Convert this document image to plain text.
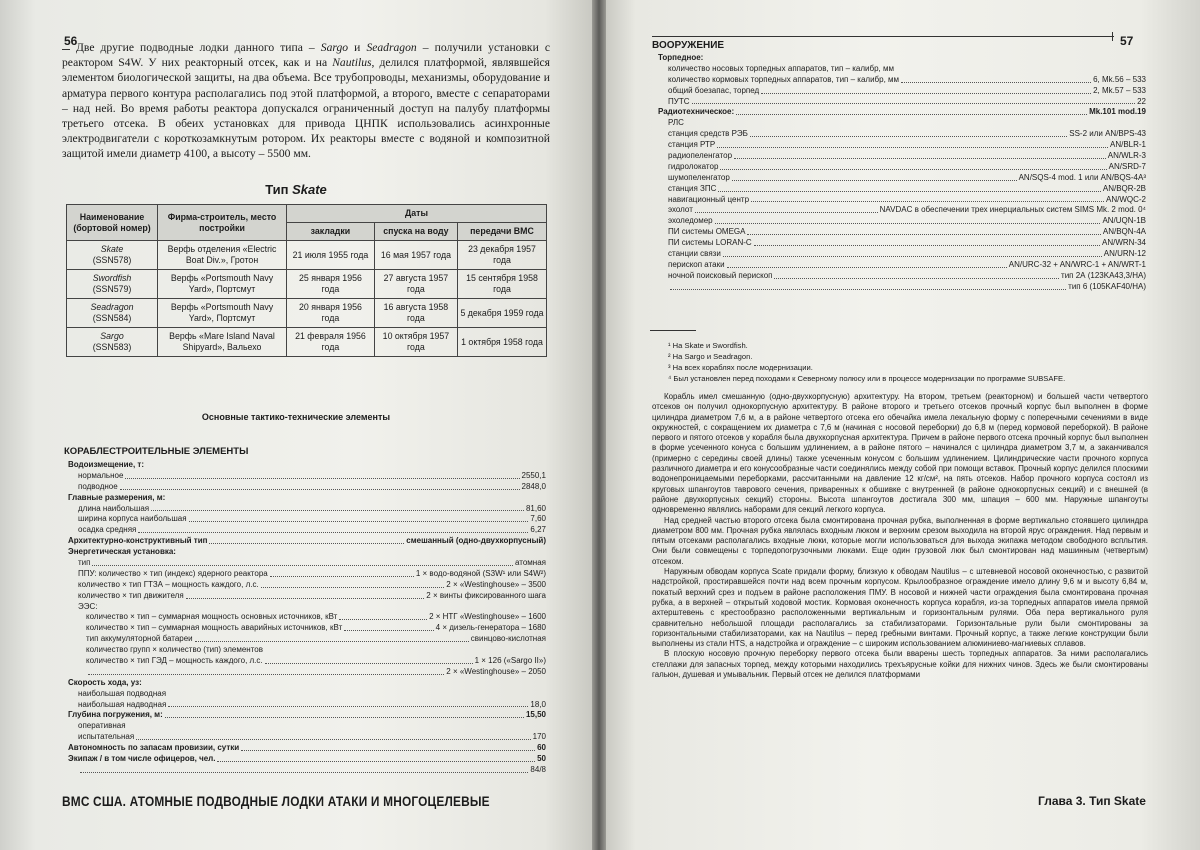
56

Две другие подводные лодки данного типа – Sargo и Seadragon – получили установки с реактором S4W. У них реакторный отсек, как и на Nautilus, делился платформой, являвшейся элементом биологической защиты, на два объема. Все трубопроводы, механизмы, оборудование и арматура первого контура располагались под этой платформой, а второго, вместе с сепараторами – над ней. Во время работы реактора допускался ограниченный доступ на палубу платформы третьего отсека. В обеих установках для привода ЦНПК использовались асинхронные электродвигатели с короткозамкнутым ротором. Их реакторы вместе с водяной и композитной защитой имели диаметр 4100, а высоту – 5500 мм.

Тип Skate
Наименование (бортовой номер)	Фирма-строитель, место постройки	Даты		
		закладки	спуска на воду	передачи ВМС
Skate
(SSN578)	Верфь отделения «Electric Boat Div.», Гротон	21 июля 1955 года	16 мая 1957 года	23 декабря 1957 года
Swordfish
(SSN579)	Верфь «Portsmouth Navy Yard», Портсмут	25 января 1956 года	27 августа 1957 года	15 сентября 1958 года
Seadragon
(SSN584)	Верфь «Portsmouth Navy Yard», Портсмут	20 января 1956 года	16 августа 1958 года	5 декабря 1959 года
Sargo
(SSN583)	Верфь «Mare Island Naval Shipyard», Вальехо	21 февраля 1956 года	10 октября 1957 года	1 октября 1958 года
Основные тактико-технические элементы
КОРАБЛЕСТРОИТЕЛЬНЫЕ ЭЛЕМЕНТЫ
Водоизмещение, т:
нормальное	2550,1
подводное	2848,0
Главные размерения, м:
длина наибольшая	81,60
ширина корпуса наибольшая	7,60
осадка средняя	6,27
Архитектурно-конструктивный тип	смешанный (одно-двухкорпусный)
Энергетическая установка:
тип	атомная
ППУ: количество × тип (индекс) ядерного реактора	1 × водо-водяной (S3W¹ или S4W²)
количество × тип ГТЗА – мощность каждого, л.с.	2 × «Westinghouse» – 3500
количество × тип движителя	2 × винты фиксированного шага
ЭЭС:
количество × тип – суммарная мощность основных источников, кВт	2 × НТГ «Westinghouse» – 1600
количество × тип – суммарная мощность аварийных источников, кВт	4 × дизель-генератора – 1680
тип аккумуляторной батареи	свинцово-кислотная
количество групп × количество (тип) элементов
количество × тип ГЭД – мощность каждого, л.с.	1 × 126 («Sargo II»)
2 × «Westinghouse» – 2050
Скорость хода, уз:
наибольшая подводная
наибольшая надводная	18,0
Глубина погружения, м:	15,50
оперативная
испытательная	170
Автономность по запасам провизии, сутки	60
Экипаж / в том числе офицеров, чел.	50
84/8
ВМС США. АТОМНЫЕ ПОДВОДНЫЕ ЛОДКИ АТАКИ И МНОГОЦЕЛЕВЫЕ
57
ВООРУЖЕНИЕ
Торпедное:
количество носовых торпедных аппаратов, тип – калибр, мм
количество кормовых торпедных аппаратов, тип – калибр, мм	6, Mk.56 – 533
общий боезапас, торпед	2, Mk.57 – 533
ПУТС	22
Радиотехническое:	Mk.101 mod.19
РЛС
станция средств РЭБ	SS-2 или AN/BPS-43
станция РТР	AN/BLR-1
радиопеленгатор	AN/WLR-3
гидролокатор	AN/SRD-7
шумопеленгатор	AN/SQS-4 mod. 1 или AN/BQS-4A³
станция ЗПС	AN/BQR-2B
навигационный центр	AN/WQC-2
эхолот	NAVDAC в обеспечении трех инерциальных систем SIMS Mk. 2 mod. 0⁴
эхоледомер	AN/UQN-1B
ПИ системы OMEGA	AN/BQN-4A
ПИ системы LORAN-C	AN/WRN-34
станции связи	AN/URN-12
перископ атаки	AN/URC-32 + AN/WRC-1 + AN/WRT-1
ночной поисковый перископ	тип 2А (123KA43,3/HA)
тип 6 (105KAF40/HA)
¹ На Skate и Swordfish.
² На Sargo и Seadragon.
³ На всех кораблях после модернизации.
⁴ Был установлен перед походами к Северному полюсу или в процессе модернизации по программе SUBSAFE.

Корабль имел смешанную (одно-двухкорпусную) архитектуру. На втором, третьем (реакторном) и большей части четвертого отсеков он получил однокорпусную архитектуру. В районе второго и третьего отсеков прочный корпус был выполнен в форме цилиндра диаметром 7,6 м, а в районе четвертого отсека его обечайка имела лекальную форму с поперечными сечениями в виде окружностей, с сокращением их диаметра с 7,6 м (начиная с носовой переборки) до 6,8 м (перед кормовой переборкой). В районе первого и пятого отсеков у корабля была двухкорпусная архитектура. Причем в районе первого отсека прочный корпус был выполнен в форме усеченного конуса с большим удлинением, а в районе пятого – начинался с цилиндра диаметром 3,7 м, а заканчивался (примерно с середины своей длины) также усеченным конусом с большим удлинением. Цилиндрические части прочного корпуса различного диаметра и его конусообразные части соединялись между собой при помощи вставок. Прочный корпус делился плоскими водонепроницаемыми переборками, рассчитанными на давление 12 кг/см², на пять отсеков. Набор прочного корпуса состоял из круговых шпангоутов таврового сечения, приваренных к обшивке с внутренней (в районе однокорпусных секций) и с внешней (в районе двухкорпусных секций) стороны. Высота шпангоутов достигала 300 мм, шпация – 600 мм. Наружные шпангоуты одновременно являлись наборами для секций легкого корпуса.

Над средней частью второго отсека была смонтирована прочная рубка, выполненная в форме вертикально стоявшего цилиндра диаметром 800 мм. Прочная рубка являлась входным люком и верхним срезом выходила на второй ярус ограждения. Над первым и пятым отсеками располагались входные люки, которые могли использоваться для выхода экипажа методом свободного всплытия. Они были совмещены с торпедопогрузочными люками. Еще один грузовой люк был смонтирован над машинным (четвертым) отсеком.

Наружным обводам корпуса Scate придали форму, близкую к обводам Nautilus – с штевневой носовой оконечностью, с развитой надстройкой, простиравшейся почти над всем прочным корпусом. Крылообразное ограждение имело длину 9,6 м и высоту 6,84 м, покатый верхний срез и подъем в районе расположения ПМУ. В носовой и нижней части ограждения была смонтирована прочная рубка, а в верхней – открытый ходовой мостик. Кормовая оконечность корпуса корабля, из-за торпедных аппаратов имела прямой ахтерштевень с крестообразно расположенными вертикальным и горизонтальным рулями. Оба пера вертикального руля сравнительно небольшой площади располагались за стабилизаторами. Горизонтальные рули были смонтированы за горизонтальными стабилизаторами, как на Nautilus – перед гребными винтами. Прочный корпус, а также легкие конструкции были выполнены из стали HTS, а надстройка и ограждение – с широким использованием алюминиево-магниевых сплавов.

В плоскую носовую прочную переборку первого отсека были вварены шесть торпедных аппаратов. За ними располагались стеллажи для запасных торпед, между которыми находились трехъярусные койки для нижних чинов. Здесь же были смонтированы гальюн, душевая и умывальник. Первый отсек не делился платформами

Глава 3. Тип Skate
